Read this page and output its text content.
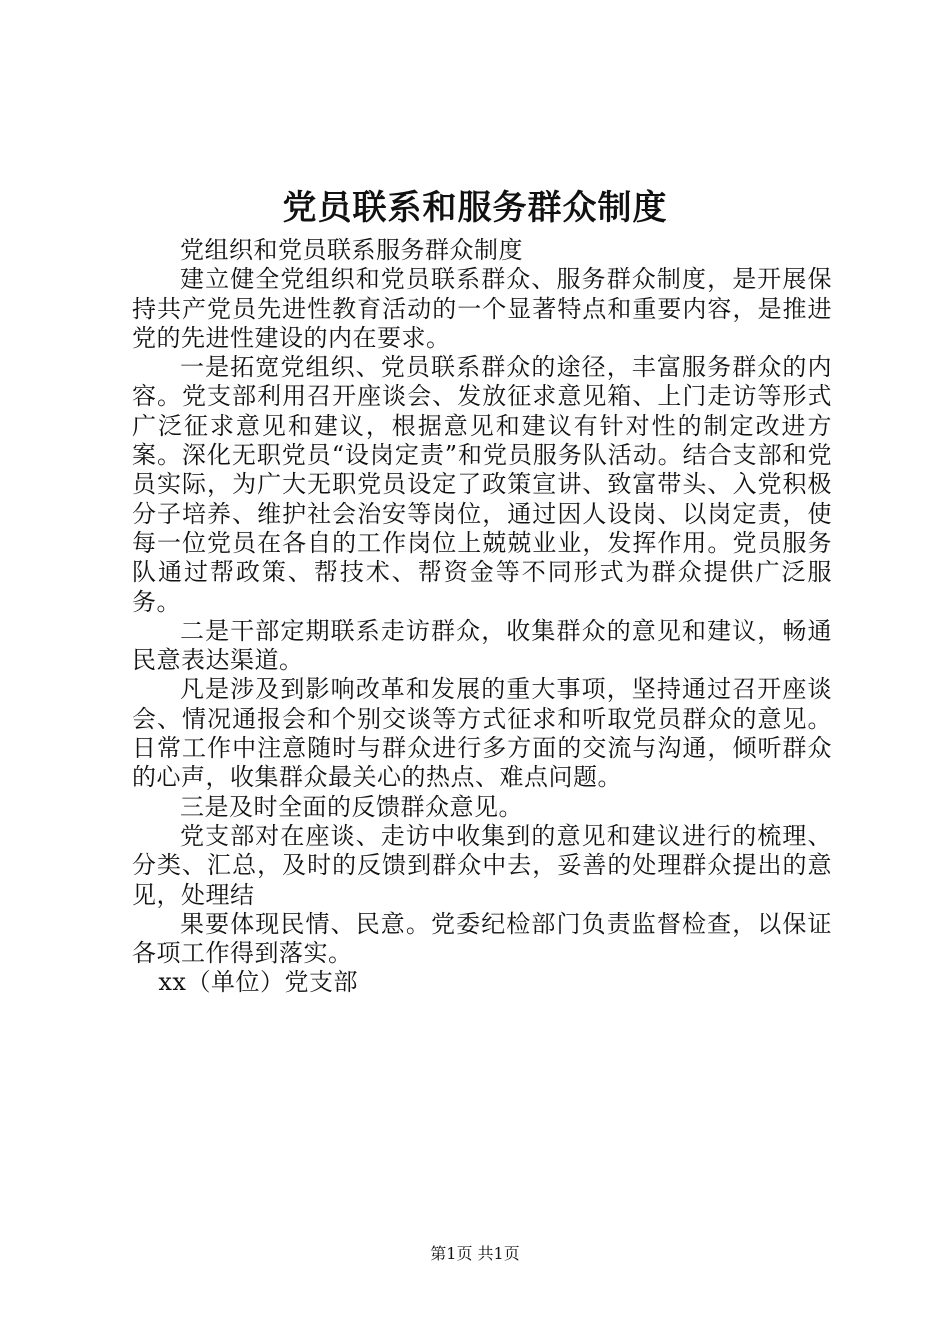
党员联系和服务群众制度

党组织和党员联系服务群众制度

建立健全党组织和党员联系群众、服务群众制度，是开展保持共产党员先进性教育活动的一个显著特点和重要内容，是推进党的先进性建设的内在要求。

一是拓宽党组织、党员联系群众的途径，丰富服务群众的内容。党支部利用召开座谈会、发放征求意见箱、上门走访等形式广泛征求意见和建议，根据意见和建议有针对性的制定改进方案。深化无职党员“设岗定责”和党员服务队活动。结合支部和党员实际，为广大无职党员设定了政策宣讲、致富带头、入党积极分子培养、维护社会治安等岗位，通过因人设岗、以岗定责，使每一位党员在各自的工作岗位上兢兢业业，发挥作用。党员服务队通过帮政策、帮技术、帮资金等不同形式为群众提供广泛服务。

二是干部定期联系走访群众，收集群众的意见和建议，畅通民意表达渠道。

凡是涉及到影响改革和发展的重大事项，坚持通过召开座谈会、情况通报会和个别交谈等方式征求和听取党员群众的意见。日常工作中注意随时与群众进行多方面的交流与沟通，倾听群众的心声，收集群众最关心的热点、难点问题。

三是及时全面的反馈群众意见。

党支部对在座谈、走访中收集到的意见和建议进行的梳理、分类、汇总，及时的反馈到群众中去，妥善的处理群众提出的意见，处理结

果要体现民情、民意。党委纪检部门负责监督检查，以保证各项工作得到落实。

xx（单位）党支部

第1页 共1页
